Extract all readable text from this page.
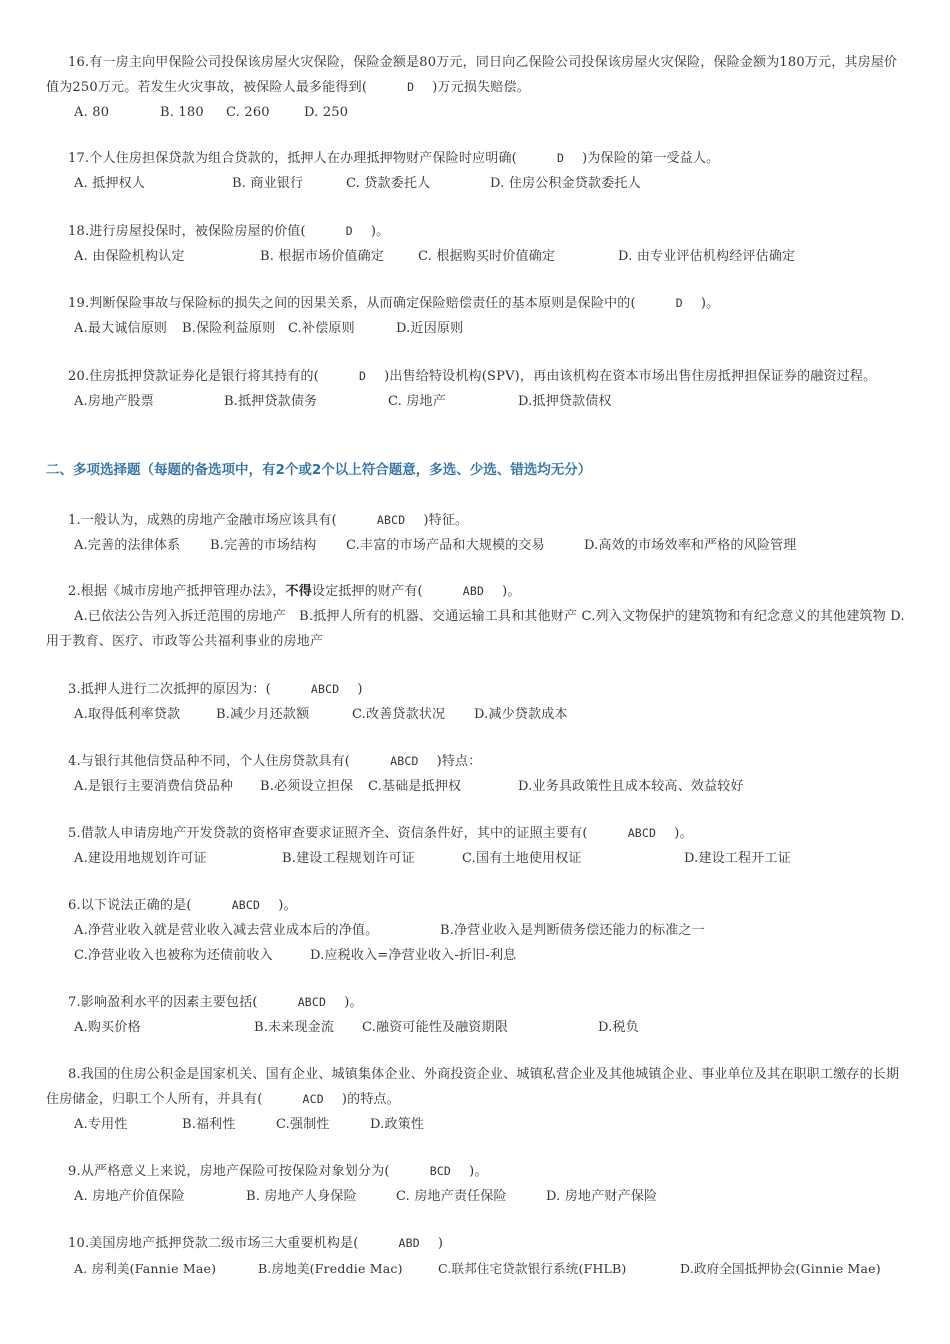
16.有一房主向甲保险公司投保该房屋火灾保险，保险金额是80万元，同日向乙保险公司投保该房屋火灾保险，保险金额为180万元，其房屋价值为250万元。若发生火灾事故，被保险人最多能得到(	D )万元损失赔偿。
A. 80	B. 180 C. 260	D. 250
17.个人住房担保贷款为组合贷款的，抵押人在办理抵押物财产保险时应明确(	D )为保险的第一受益人。
A. 抵押权人	B. 商业银行	C. 贷款委托人	D. 住房公积金贷款委托人
18.进行房屋投保时，被保险房屋的价值(	D )。
A. 由保险机构认定	B. 根据市场价值确定	C. 根据购买时价值确定	D. 由专业评估机构经评估确定
19.判断保险事故与保险标的损失之间的因果关系，从而确定保险赔偿责任的基本原则是保险中的(	D )。
A.最大诚信原则 B.保险利益原则 C.补偿原则	D.近因原则
20.住房抵押贷款证券化是银行将其持有的(	D )出售给特设机构(SPV)，再由该机构在资本市场出售住房抵押担保证券的融资过程。
A.房地产股票	B.抵押贷款债务	C. 房地产	D.抵押贷款债权
二、多项选择题（每题的备选项中，有2个或2个以上符合题意，多选、少选、错选均无分）
1.一般认为，成熟的房地产金融市场应该具有(	ABCD )特征。
A.完善的法律体系 B.完善的市场结构 C.丰富的市场产品和大规模的交易	D.高效的市场效率和严格的风险管理
2.根据《城市房地产抵押管理办法》，不得设定抵押的财产有(	ABD )。
A.已依法公告列入拆迁范围的房地产　B.抵押人所有的机器、交通运输工具和其他财产 C.列入文物保护的建筑物和有纪念意义的其他建筑物 D.用于教育、医疗、市政等公共福利事业的房地产
3.抵押人进行二次抵押的原因为：(	ABCD )
A.取得低利率贷款	B.减少月还款额	C.改善贷款状况 D.减少贷款成本
4.与银行其他信贷品种不同，个人住房贷款具有(	ABCD )特点：
A.是银行主要消费信贷品种 B.必须设立担保 C.基础是抵押权	D.业务具政策性且成本较高、效益较好
5.借款人申请房地产开发贷款的资格审查要求证照齐全、资信条件好，其中的证照主要有(	ABCD )。
A.建设用地规划许可证	B.建设工程规划许可证	C.国有土地使用权证	D.建设工程开工证
6.以下说法正确的是(	ABCD )。
A.净营业收入就是营业收入减去营业成本后的净值。	B.净营业收入是判断债务偿还能力的标准之一
C.净营业收入也被称为还债前收入	D.应税收入=净营业收入-折旧-利息
7.影响盈利水平的因素主要包括(	ABCD )。
A.购买价格	B.未来现金流 C.融资可能性及融资期限	D.税负
8.我国的住房公积金是国家机关、国有企业、城镇集体企业、外商投资企业、城镇私营企业及其他城镇企业、事业单位及其在职职工缴存的长期住房储金，归职工个人所有，并具有(	ACD )的特点。
A.专用性	B.福利性	C.强制性	D.政策性
9.从严格意义上来说，房地产保险可按保险对象划分为(	BCD )。
A. 房地产价值保险	B. 房地产人身保险	C. 房地产责任保险	D. 房地产财产保险
10.美国房地产抵押贷款二级市场三大重要机构是(	ABD )
A. 房利美(Fannie Mae)	B.房地美(Freddie Mac)	C.联邦住宅贷款银行系统(FHLB)	D.政府全国抵押协会(Ginnie Mae)
